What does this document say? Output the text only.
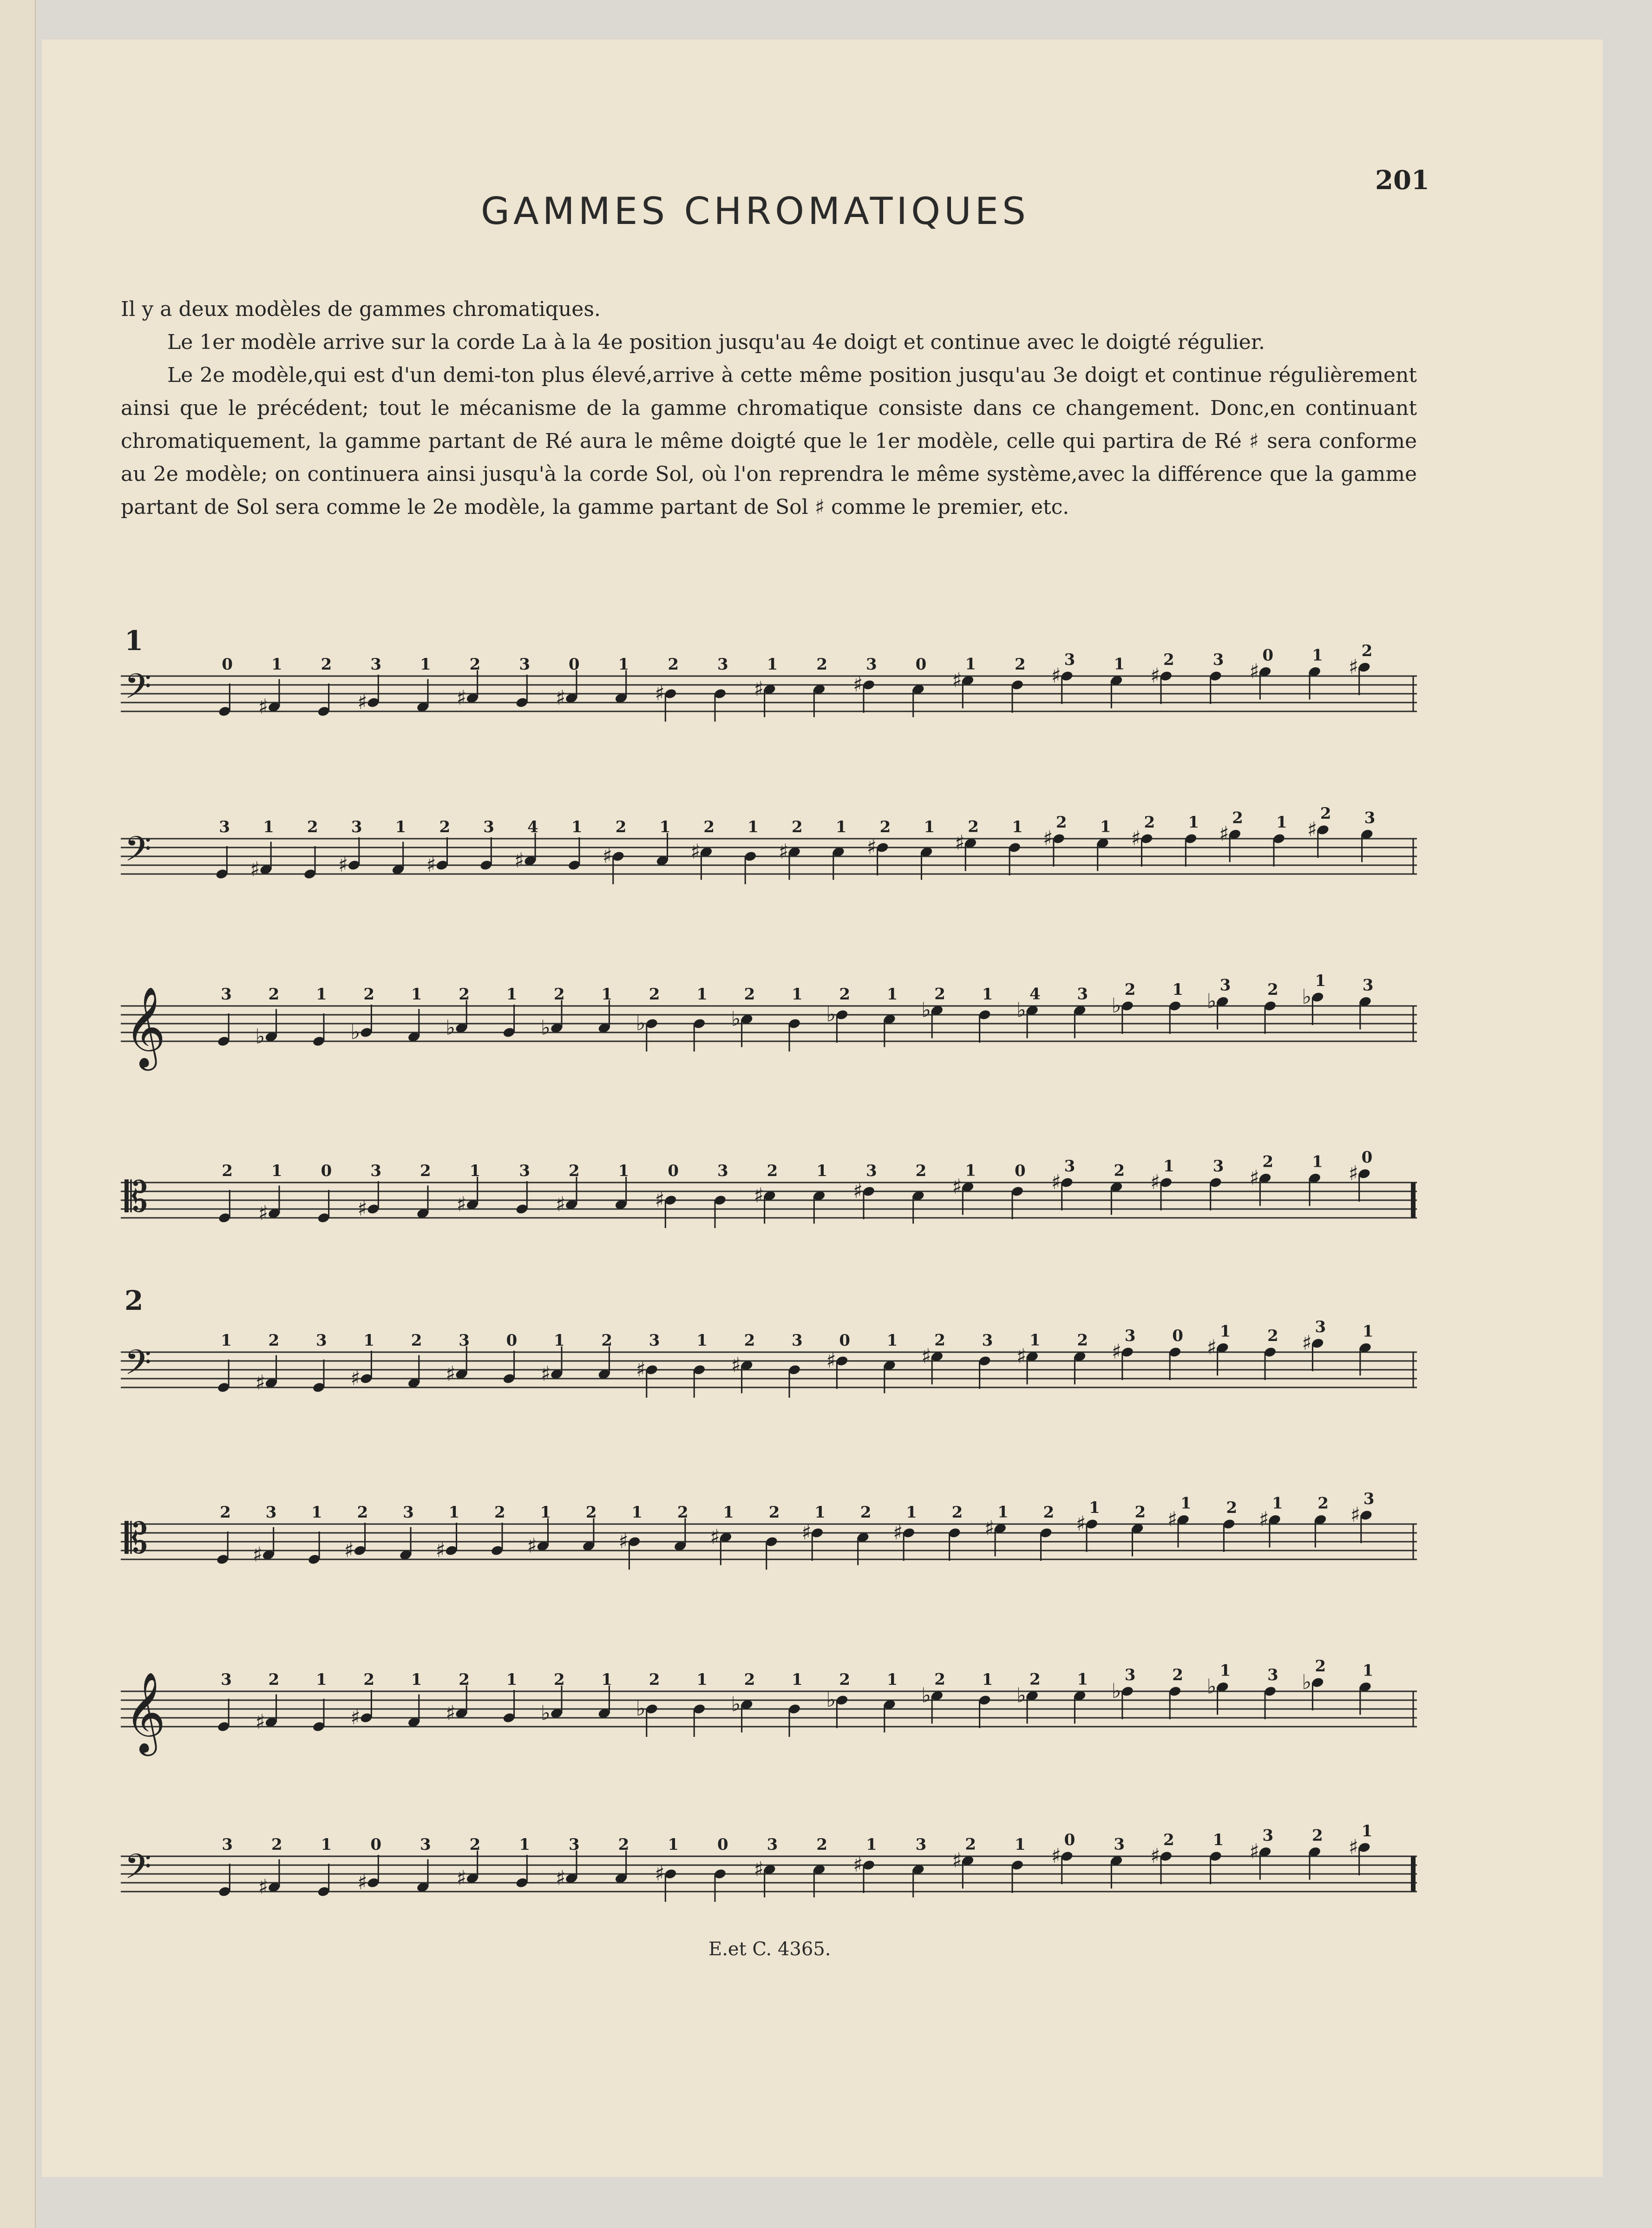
201
GAMMES CHROMATIQUES

Il y a deux modèles de gammes chromatiques.

Le 1er modèle arrive sur la corde La à la 4e position jusqu'au 4e doigt et continue avec le doigté régulier.

Le 2e modèle,qui est d'un demi-ton plus élevé,arrive à cette même position jusqu'au 3e doigt et continue régulièrement ainsi que le précédent; tout le mécanisme de la gamme chromatique consiste dans ce changement. Donc,en continuant chromatiquement, la gamme partant de Ré aura le même doigté que le 1er modèle, celle qui partira de Ré ♯ sera conforme au 2e modèle; on continuera ainsi jusqu'à la corde Sol, où l'on reprendra le même système,avec la différence que la gamme partant de Sol sera comme le 2e modèle, la gamme partant de Sol ♯ comme le premier, etc.

1
𝄢
0
♯
1 2
♯
3 1
♯
2 3
♯
0 1
♯
2 3
♯
1 2
♯
3 0
♯
1 2 ♯
3 1 ♯
2 3 ♯
0 1 ♯
2
𝄢
3
♯
1 2
♯
3 1
♯
2 3
♯
4 1
♯
2 1
♯
2 1
♯
2 1
♯
2 1
♯
2 1 ♯
2 1 ♯
2 1 ♯
2 1 ♯
2 3
𝄞	3
♭
2 1
♭
2 1
♭
2 1
♭
2 1
♭
2 1
♭
2 1
♭
2 1
♭
2 1
♭
4 3 ♭
2 1 ♭
3 2 ♭
1 3
𝄡
2
♯
1 0
♯
3 2
♯
1 3
♯
2 1
♯
0 3
♯
2 1
♯
3 2
♯
1 0 ♯
3 2 ♯
1 3 ♯
2 1 ♯
0
2
𝄢
1
♯
2 3
♯
1 2
♯
3 0
♯
1 2
♯
3 1
♯
2 3
♯
0 1
♯
2 3
♯
1 2 ♯
3 0 ♯
1 2 ♯
3 1
𝄡
2
♯
3 1
♯
2 3
♯
1 2
♯
1 2
♯
1 2
♯
1 2
♯
1 2
♯
1 2
♯
1 2 ♯
1 2 ♯
1 2 ♯
1 2 ♯
3
𝄞	3
♯
2 1
♯
2 1
♯
2 1
♭
2 1
♭
2 1
♭
2 1
♭
2 1
♭
2 1
♭
2 1 ♭
3 2 ♭
1 3 ♭
2 1
𝄢
3
♯
2 1
♯
0 3
♯
2 1
♯
3 2
♯
1 0
♯
3 2
♯
1 3
♯
2 1 ♯
0 3 ♯
2 1 ♯
3 2 ♯
1
E.et C. 4365.
